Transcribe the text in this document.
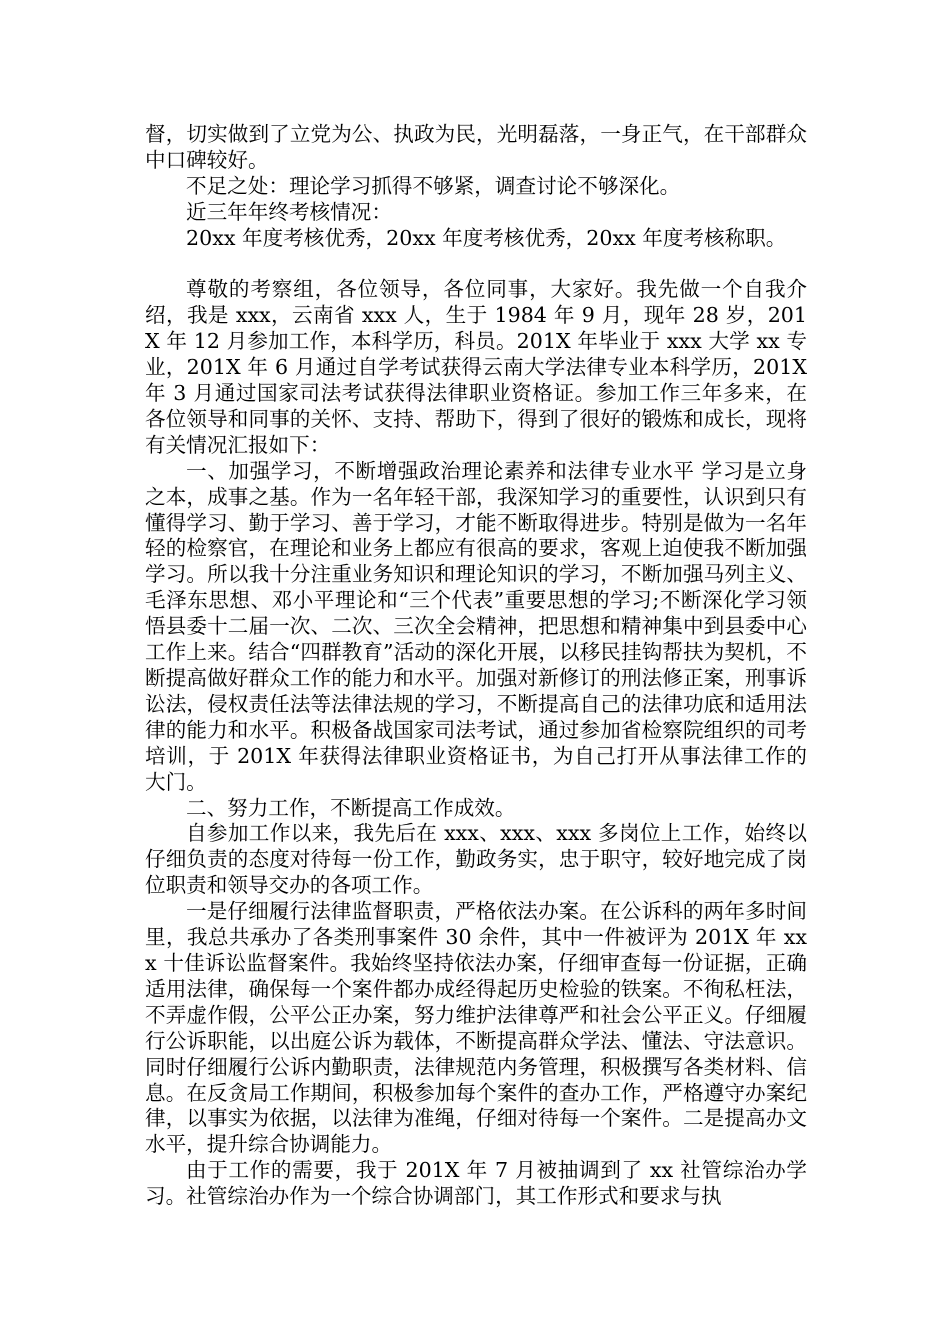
督，切实做到了立党为公、执政为民，光明磊落，一身正气，在干部群众中口碑较好。

不足之处：理论学习抓得不够紧，调查讨论不够深化。

近三年年终考核情况：

20xx 年度考核优秀，20xx 年度考核优秀，20xx 年度考核称职。

尊敬的考察组，各位领导，各位同事，大家好。我先做一个自我介绍，我是 xxx，云南省 xxx 人，生于 1984 年 9 月，现年 28 岁，201X 年 12 月参加工作，本科学历，科员。201X 年毕业于 xxx 大学 xx 专业，201X 年 6 月通过自学考试获得云南大学法律专业本科学历，201X 年 3 月通过国家司法考试获得法律职业资格证。参加工作三年多来，在各位领导和同事的关怀、支持、帮助下，得到了很好的锻炼和成长，现将有关情况汇报如下：

一、加强学习，不断增强政治理论素养和法律专业水平 学习是立身之本，成事之基。作为一名年轻干部，我深知学习的重要性，认识到只有懂得学习、勤于学习、善于学习，才能不断取得进步。特别是做为一名年轻的检察官，在理论和业务上都应有很高的要求，客观上迫使我不断加强学习。所以我十分注重业务知识和理论知识的学习，不断加强马列主义、毛泽东思想、邓小平理论和“三个代表”重要思想的学习;不断深化学习领悟县委十二届一次、二次、三次全会精神，把思想和精神集中到县委中心工作上来。结合“四群教育”活动的深化开展，以移民挂钩帮扶为契机，不断提高做好群众工作的能力和水平。加强对新修订的刑法修正案，刑事诉讼法，侵权责任法等法律法规的学习，不断提高自己的法律功底和适用法律的能力和水平。积极备战国家司法考试，通过参加省检察院组织的司考培训，于 201X 年获得法律职业资格证书，为自己打开从事法律工作的大门。

二、努力工作，不断提高工作成效。

自参加工作以来，我先后在 xxx、xxx、xxx 多岗位上工作，始终以仔细负责的态度对待每一份工作，勤政务实，忠于职守，较好地完成了岗位职责和领导交办的各项工作。

一是仔细履行法律监督职责，严格依法办案。在公诉科的两年多时间里，我总共承办了各类刑事案件 30 余件，其中一件被评为 201X 年 xxx 十佳诉讼监督案件。我始终坚持依法办案，仔细审查每一份证据，正确适用法律，确保每一个案件都办成经得起历史检验的铁案。不徇私枉法，不弄虚作假，公平公正办案，努力维护法律尊严和社会公平正义。仔细履行公诉职能，以出庭公诉为载体，不断提高群众学法、懂法、守法意识。同时仔细履行公诉内勤职责，法律规范内务管理，积极撰写各类材料、信息。在反贪局工作期间，积极参加每个案件的查办工作，严格遵守办案纪律，以事实为依据，以法律为准绳，仔细对待每一个案件。二是提高办文水平，提升综合协调能力。

由于工作的需要，我于 201X 年 7 月被抽调到了 xx 社管综治办学习。社管综治办作为一个综合协调部门，其工作形式和要求与执
